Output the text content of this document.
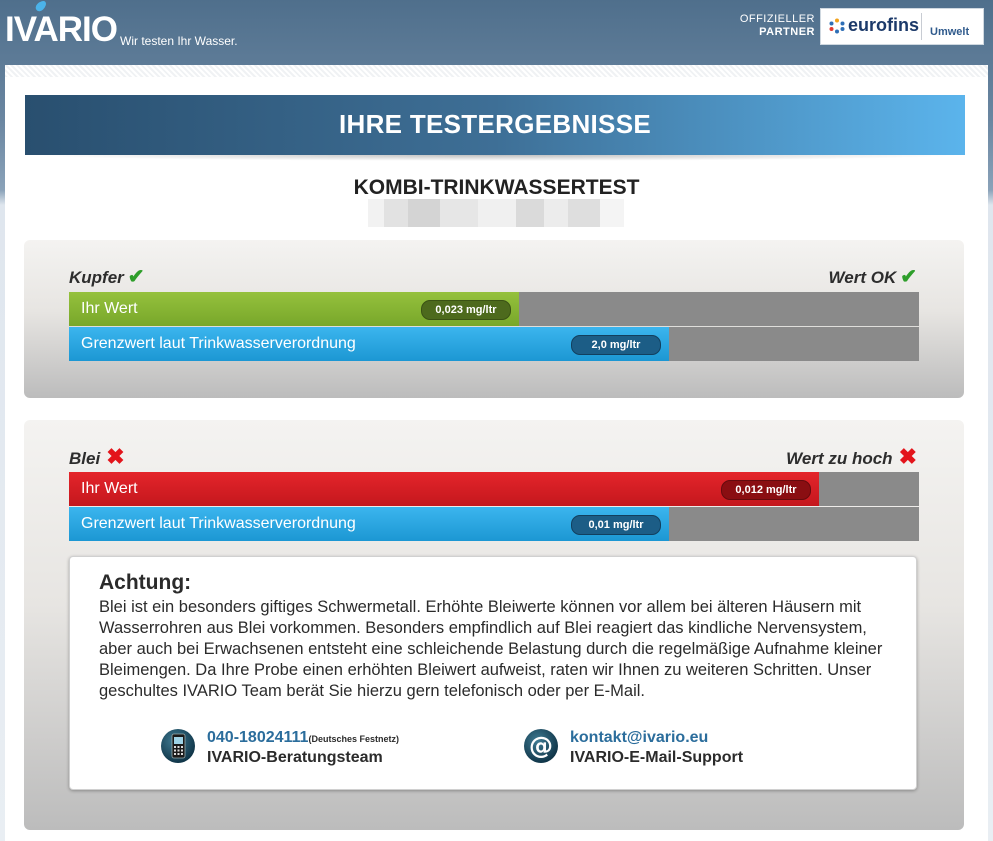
IVARIO Wir testen Ihr Wasser.
OFFIZIELLER
PARTNER eurofins Umwelt
IHRE TESTERGEBNISSE
KOMBI-TRINKWASSERTEST
Kupfer ✔	Wert OK ✔
Ihr Wert	0,023 mg/ltr
Grenzwert laut Trinkwasserverordnung	2,0 mg/ltr
Blei ✖	Wert zu hoch ✖
Ihr Wert	0,012 mg/ltr
Grenzwert laut Trinkwasserverordnung	0,01 mg/ltr
Achtung:
Blei ist ein besonders giftiges Schwermetall. Erhöhte Bleiwerte können vor allem bei älteren Häusern mit Wasserrohren aus Blei vorkommen. Besonders empfindlich auf Blei reagiert das kindliche Nervensystem, aber auch bei Erwachsenen entsteht eine schleichende Belastung durch die regelmäßige Aufnahme kleiner Bleimengen. Da Ihre Probe einen erhöhten Bleiwert aufweist, raten wir Ihnen zu weiteren Schritten. Unser geschultes IVARIO Team berät Sie hierzu gern telefonisch oder per E-Mail.
040-18024111(Deutsches Festnetz)
IVARIO-Beratungsteam	@ kontakt@ivario.eu
IVARIO-E-Mail-Support
